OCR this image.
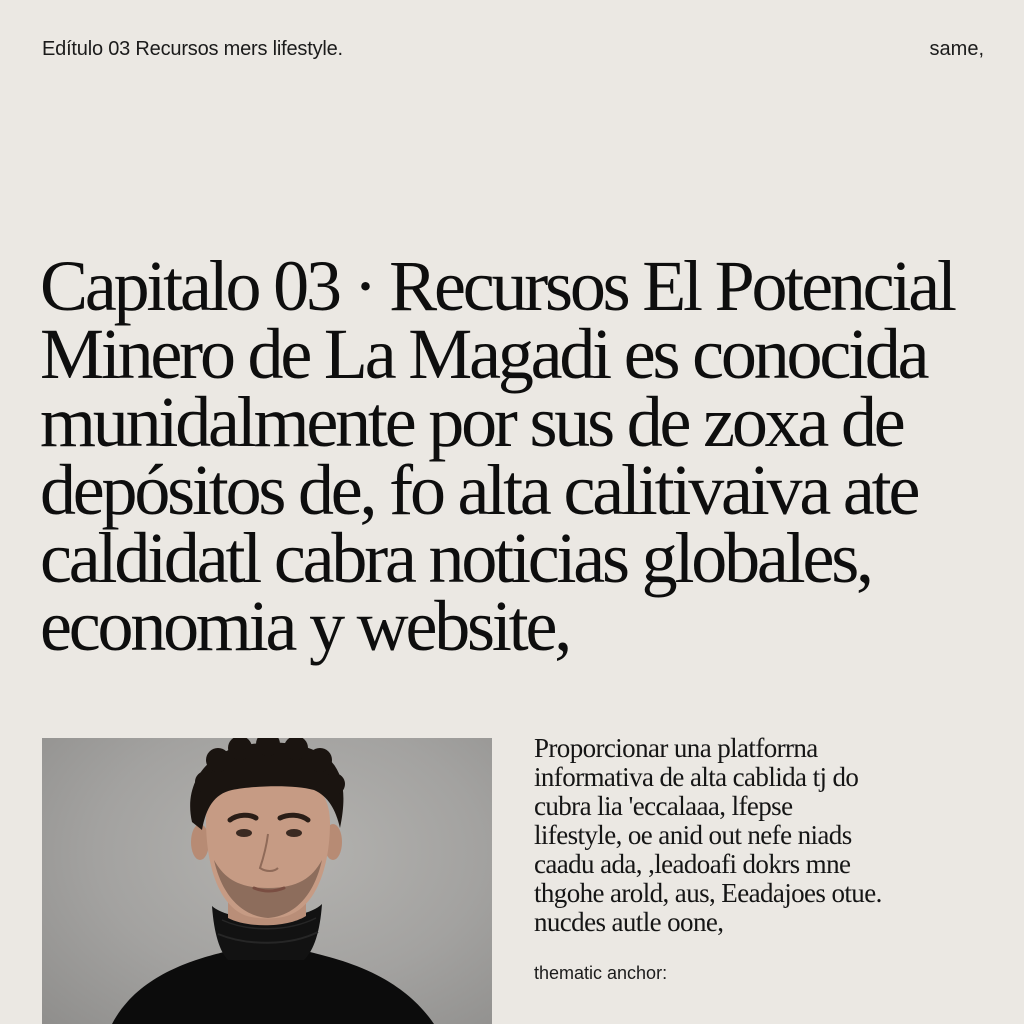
Edítulo 03 Recursos mers lifestyle.	same,
Capitalo 03 · Recursos El Potencial
Minero de La Magadi es conocida
munidalmente por sus de zoxa de
depósitos de, fo alta calitivaiva ate
caldidatl cabra noticias globales,
economia y website,
Proporcionar una platforrna
informativa de alta cablida tj do
cubra lia 'eccalaaa, lfepse
lifestyle, oe anid out nefe niads
caadu ada, ,leadoafi dokrs mne
thgohe arold, aus, Eeadajoes otue.
nucdes autle oone,
thematic anchor:
